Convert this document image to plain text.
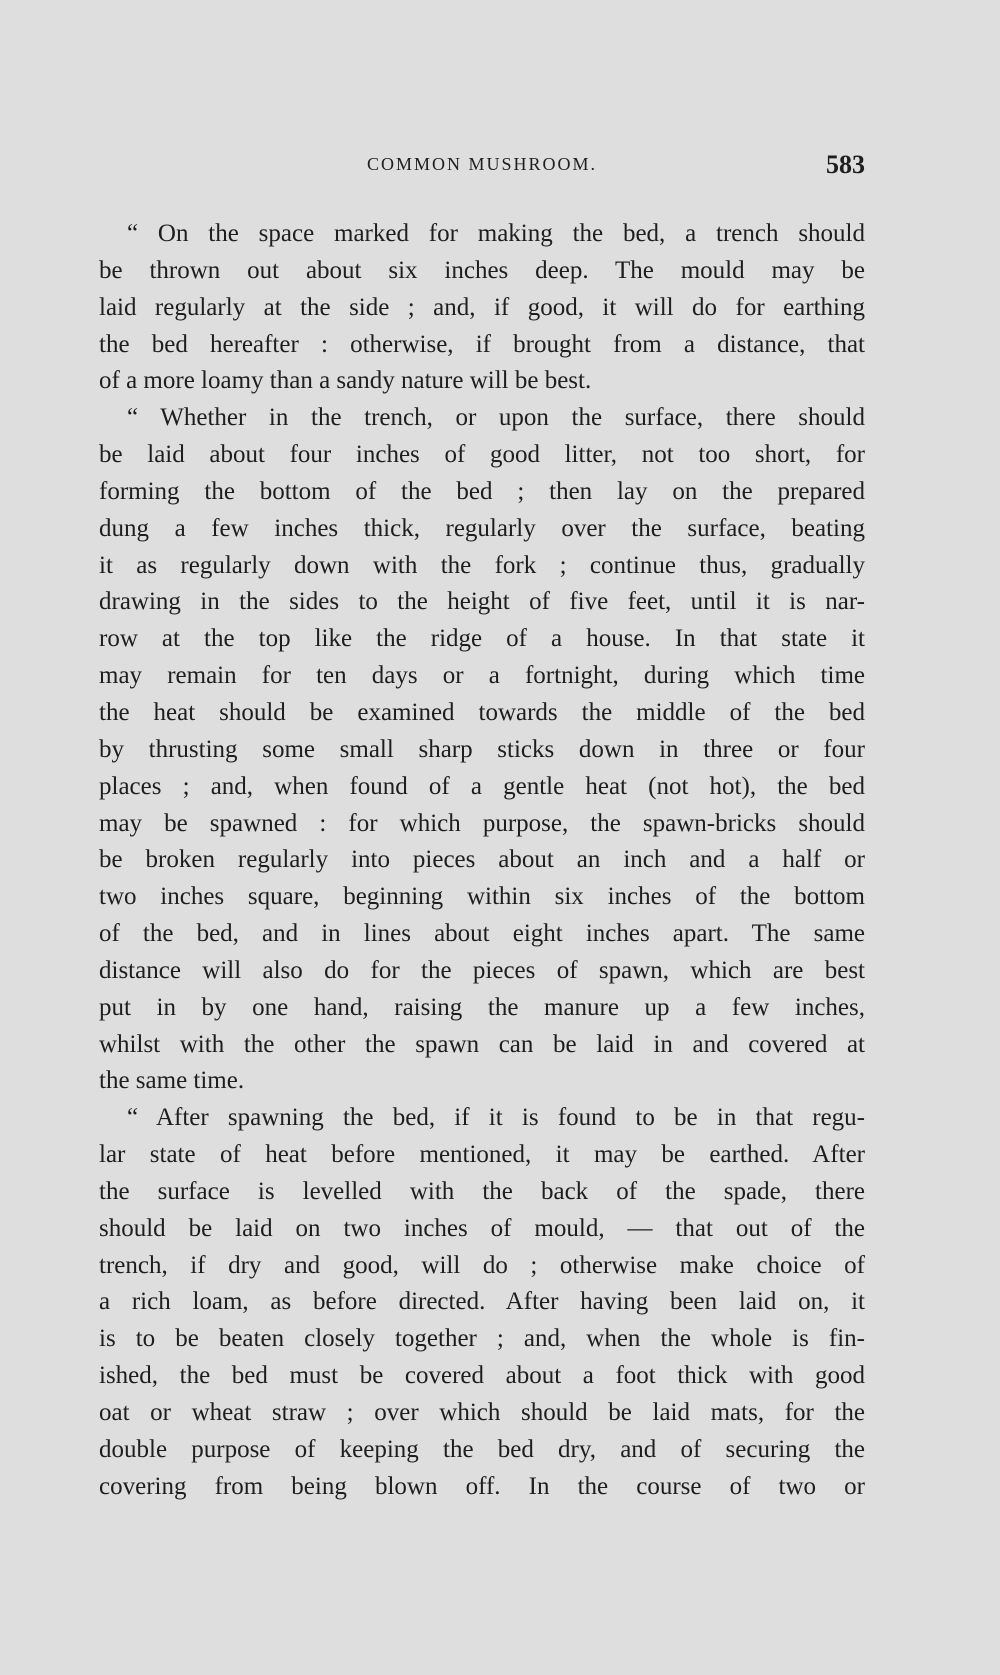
COMMON MUSHROOM.	583
“ On the space marked for making the bed, a trench should
be thrown out about six inches deep. The mould may be
laid regularly at the side ; and, if good, it will do for earthing
the bed hereafter : otherwise, if brought from a distance, that
of a more loamy than a sandy nature will be best.
“ Whether in the trench, or upon the surface, there should
be laid about four inches of good litter, not too short, for
forming the bottom of the bed ; then lay on the prepared
dung a few inches thick, regularly over the surface, beating
it as regularly down with the fork ; continue thus, gradually
drawing in the sides to the height of five feet, until it is nar-
row at the top like the ridge of a house. In that state it
may remain for ten days or a fortnight, during which time
the heat should be examined towards the middle of the bed
by thrusting some small sharp sticks down in three or four
places ; and, when found of a gentle heat (not hot), the bed
may be spawned : for which purpose, the spawn-bricks should
be broken regularly into pieces about an inch and a half or
two inches square, beginning within six inches of the bottom
of the bed, and in lines about eight inches apart. The same
distance will also do for the pieces of spawn, which are best
put in by one hand, raising the manure up a few inches,
whilst with the other the spawn can be laid in and covered at
the same time.
“ After spawning the bed, if it is found to be in that regu-
lar state of heat before mentioned, it may be earthed. After
the surface is levelled with the back of the spade, there
should be laid on two inches of mould, — that out of the
trench, if dry and good, will do ; otherwise make choice of
a rich loam, as before directed. After having been laid on, it
is to be beaten closely together ; and, when the whole is fin-
ished, the bed must be covered about a foot thick with good
oat or wheat straw ; over which should be laid mats, for the
double purpose of keeping the bed dry, and of securing the
covering from being blown off. In the course of two or
